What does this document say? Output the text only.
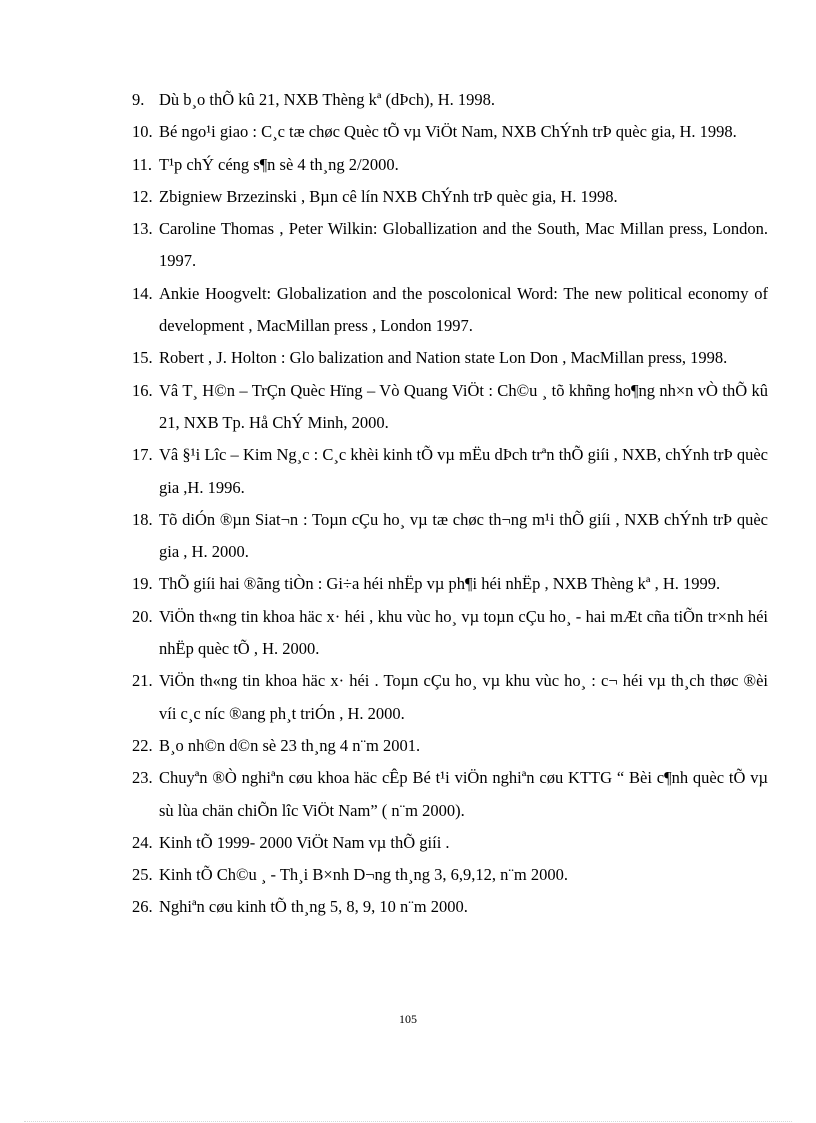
9. Dù b¸o thÕ kû 21, NXB Thèng kª (dÞch), H. 1998.
10. Bé ngo¹i giao : C¸c tæ chøc Quèc tÕ vµ ViÖt Nam, NXB ChÝnh trÞ quèc gia, H. 1998.
11. T¹p chÝ céng s¶n sè 4 th¸ng 2/2000.
12. Zbigniew Brzezinski , Bµn cê lín NXB ChÝnh trÞ quèc gia, H. 1998.
13. Caroline Thomas , Peter Wilkin: Globallization and the South, Mac Millan press, London. 1997.
14. Ankie Hoogvelt: Globalization and the poscolonical Word: The new political economy of development , MacMillan press , London 1997.
15. Robert , J. Holton : Glo balization and Nation state Lon Don , MacMillan press, 1998.
16. Vâ T¸ H©n – TrÇn Quèc Hïng – Vò Quang ViÖt : Ch©u ¸ tõ khñng ho¶ng nh×n vÒ thÕ kû 21, NXB Tp. Hå ChÝ Minh, 2000.
17. Vâ §¹i Lîc – Kim Ng¸c : C¸c khèi kinh tÕ vµ mËu dÞch trªn thÕ giíi , NXB, chÝnh trÞ quèc gia ,H. 1996.
18. Tõ diÓn ®µn Siat¬n : Toµn cÇu ho¸ vµ tæ chøc th¬ng m¹i thÕ giíi , NXB chÝnh trÞ quèc gia , H. 2000.
19. ThÕ giíi hai ®ãng tiÒn : Gi÷a héi nhËp vµ ph¶i héi nhËp , NXB Thèng kª , H. 1999.
20. ViÖn th«ng tin khoa häc x· héi , khu vùc ho¸ vµ toµn cÇu ho¸ - hai mÆt cña tiÕn tr×nh héi nhËp quèc tÕ , H. 2000.
21. ViÖn th«ng tin khoa häc x· héi . Toµn cÇu ho¸ vµ khu vùc ho¸ : c¬ héi vµ th¸ch thøc ®èi víi c¸c níc ®ang ph¸t triÓn , H. 2000.
22. B¸o nh©n d©n sè 23 th¸ng 4 n¨m 2001.
23. Chuyªn ®Ò nghiªn cøu khoa häc cÊp Bé t¹i viÖn nghiªn cøu KTTG “ Bèi c¶nh quèc tÕ vµ sù lùa chän chiÕn lîc ViÖt Nam” ( n¨m 2000).
24. Kinh tÕ 1999- 2000 ViÖt Nam vµ thÕ giíi .
25. Kinh tÕ Ch©u ¸ - Th¸i B×nh D¬ng th¸ng 3, 6,9,12, n¨m 2000.
26. Nghiªn cøu kinh tÕ th¸ng 5, 8, 9, 10 n¨m 2000.
105
